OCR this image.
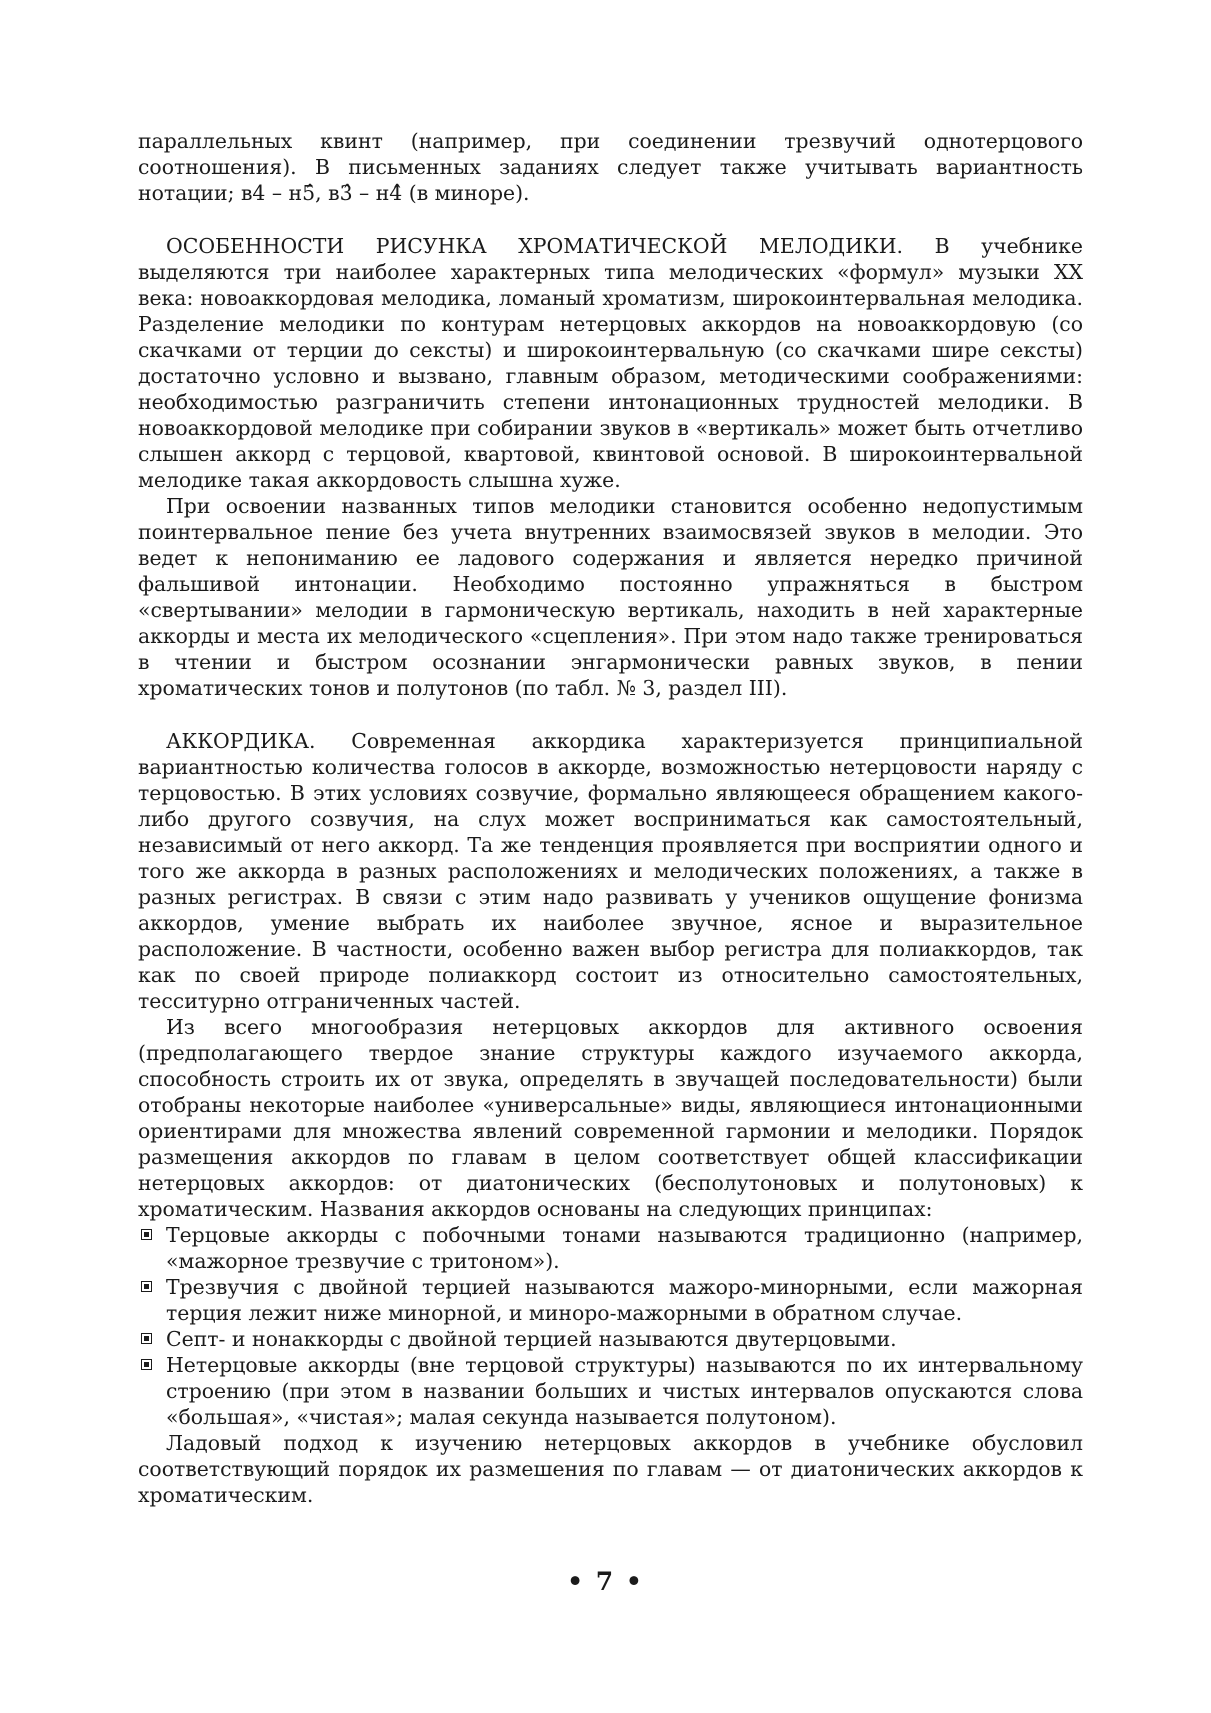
параллельных квинт (например, при соединении трезвучий однотерцового соотношения). В письменных заданиях следует также учитывать вариантность нотации; в4 – н5̂, в3̂ – н4̂ (в миноре).

ОСОБЕННОСТИ РИСУНКА ХРОМАТИЧЕСКОЙ МЕЛОДИКИ. В учебнике выделяются три наиболее характерных типа мелодических «формул» музыки XX века: новоаккордовая мелодика, ломаный хроматизм, широкоинтервальная мелодика. Разделение мелодики по контурам нетерцовых аккордов на новоаккордовую (со скачками от терции до сексты) и широкоинтервальную (со скачками шире сексты) достаточно условно и вызвано, главным образом, методическими соображениями: необходимостью разграничить степени интонационных трудностей мелодики. В новоаккордовой мелодике при собирании звуков в «вертикаль» может быть отчетливо слышен аккорд с терцовой, квартовой, квинтовой основой. В широкоинтервальной мелодике такая аккордовость слышна хуже.

При освоении названных типов мелодики становится особенно недопустимым поинтервальное пение без учета внутренних взаимосвязей звуков в мелодии. Это ведет к непониманию ее ладового содержания и является нередко причиной фальшивой интонации. Необходимо постоянно упражняться в быстром «свертывании» мелодии в гармоническую вертикаль, находить в ней характерные аккорды и места их мелодического «сцепления». При этом надо также тренироваться в чтении и быстром осознании энгармонически равных звуков, в пении хроматических тонов и полутонов (по табл. № 3, раздел III).

АККОРДИКА. Современная аккордика характеризуется принципиальной вариантностью количества голосов в аккорде, возможностью нетерцовости наряду с терцовостью. В этих условиях созвучие, формально являющееся обращением какого-либо другого созвучия, на слух может восприниматься как самостоятельный, независимый от него аккорд. Та же тенденция проявляется при восприятии одного и того же аккорда в разных расположениях и мелодических положениях, а также в разных регистрах. В связи с этим надо развивать у учеников ощущение фонизма аккордов, умение выбрать их наиболее звучное, ясное и выразительное расположение. В частности, особенно важен выбор регистра для полиаккордов, так как по своей природе полиаккорд состоит из относительно самостоятельных, тесситурно отграниченных частей.

Из всего многообразия нетерцовых аккордов для активного освоения (предполагающего твердое знание структуры каждого изучаемого аккорда, способность строить их от звука, определять в звучащей последовательности) были отобраны некоторые наиболее «универсальные» виды, являющиеся интонационными ориентирами для множества явлений современной гармонии и мелодики. Порядок размещения аккордов по главам в целом соответствует общей классификации нетерцовых аккордов: от диатонических (бесполутоновых и полутоновых) к хроматическим. Названия аккордов основаны на следующих принципах:

Терцовые аккорды с побочными тонами называются традиционно (например, «мажорное трезвучие с тритоном»).
Трезвучия с двойной терцией называются мажоро-минорными, если мажорная терция лежит ниже минорной, и миноро-мажорными в обратном случае.
Септ- и нонаккорды с двойной терцией называются двутерцовыми.
Нетерцовые аккорды (вне терцовой структуры) называются по их интервальному строению (при этом в названии больших и чистых интервалов опускаются слова «большая», «чистая»; малая секунда называется полутоном).

Ладовый подход к изучению нетерцовых аккордов в учебнике обусловил соответствующий порядок их размешения по главам — от диатонических аккордов к хроматическим.

• 7 •
